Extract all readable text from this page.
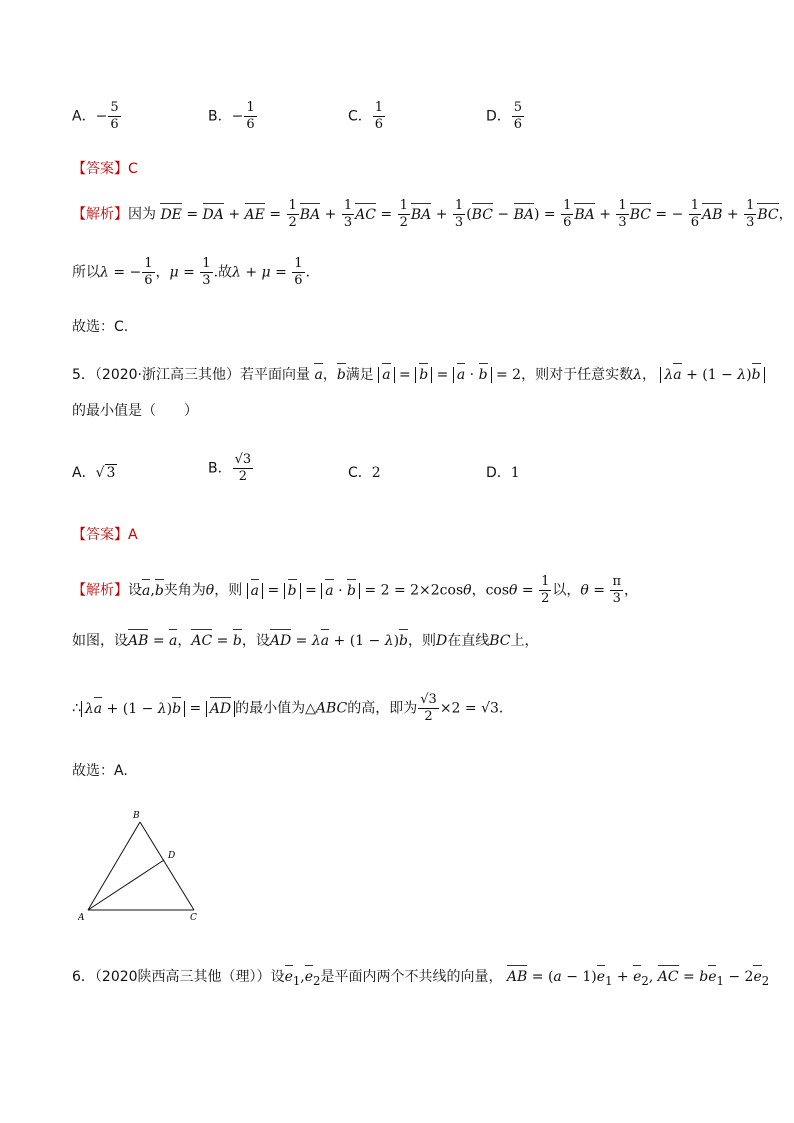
A．− $\frac{5}{6}$	B．− $\frac{1}{6}$	C． $\frac{1}{6}$	D． $\frac{5}{6}$
【答案】C
【解析】因为 DE = DA + AE = $\frac{1}{2}$ BA + $\frac{1}{3}$ AC = $\frac{1}{2}$ BA + $\frac{1}{3} (BC - BA) = \frac{1}{6}$ BA + $\frac{1}{3}$ BC = − $\frac{1}{6}$ AB + $\frac{1}{3}$ BC，
所以λ = − $\frac{1}{6}$ ，$\mu = \frac{1}{3}$ .故$\lambda + \mu = \frac{1}{6}$ ．
故选：C.
5．（2020·浙江高三其他）若平面向量 a，b满足 a = b = a · b = 2，则对于任意实数λ， λa + (1 − λ)b
的最小值是（　　）
A．√ 3	B． $\frac{√3}{2}$	C．2	D．1
【答案】A
【解析】设a,b夹角为θ，则 a = b = a · b = 2 = 2×2cosθ，$\cos\theta = \frac{1}{2}$ 以，$\theta = \frac{\pi}{3}$ ，
如图，设AB = a，AC = b，设AD = λa + (1 − λ)b，则D在直线BC上，
∴ λa + (1 − λ)b = AD 的最小值为△ABC的高，即为 $\frac{√3}{2} \times 2 = √3$．
故选：A.
A
B
C
D
6．（2020陕西高三其他（理））设$e_1,e_2$是平面内两个不共线的向量， AB = $(a - 1)e_1 + e_2$, AC = $be_1 - 2e_2$
